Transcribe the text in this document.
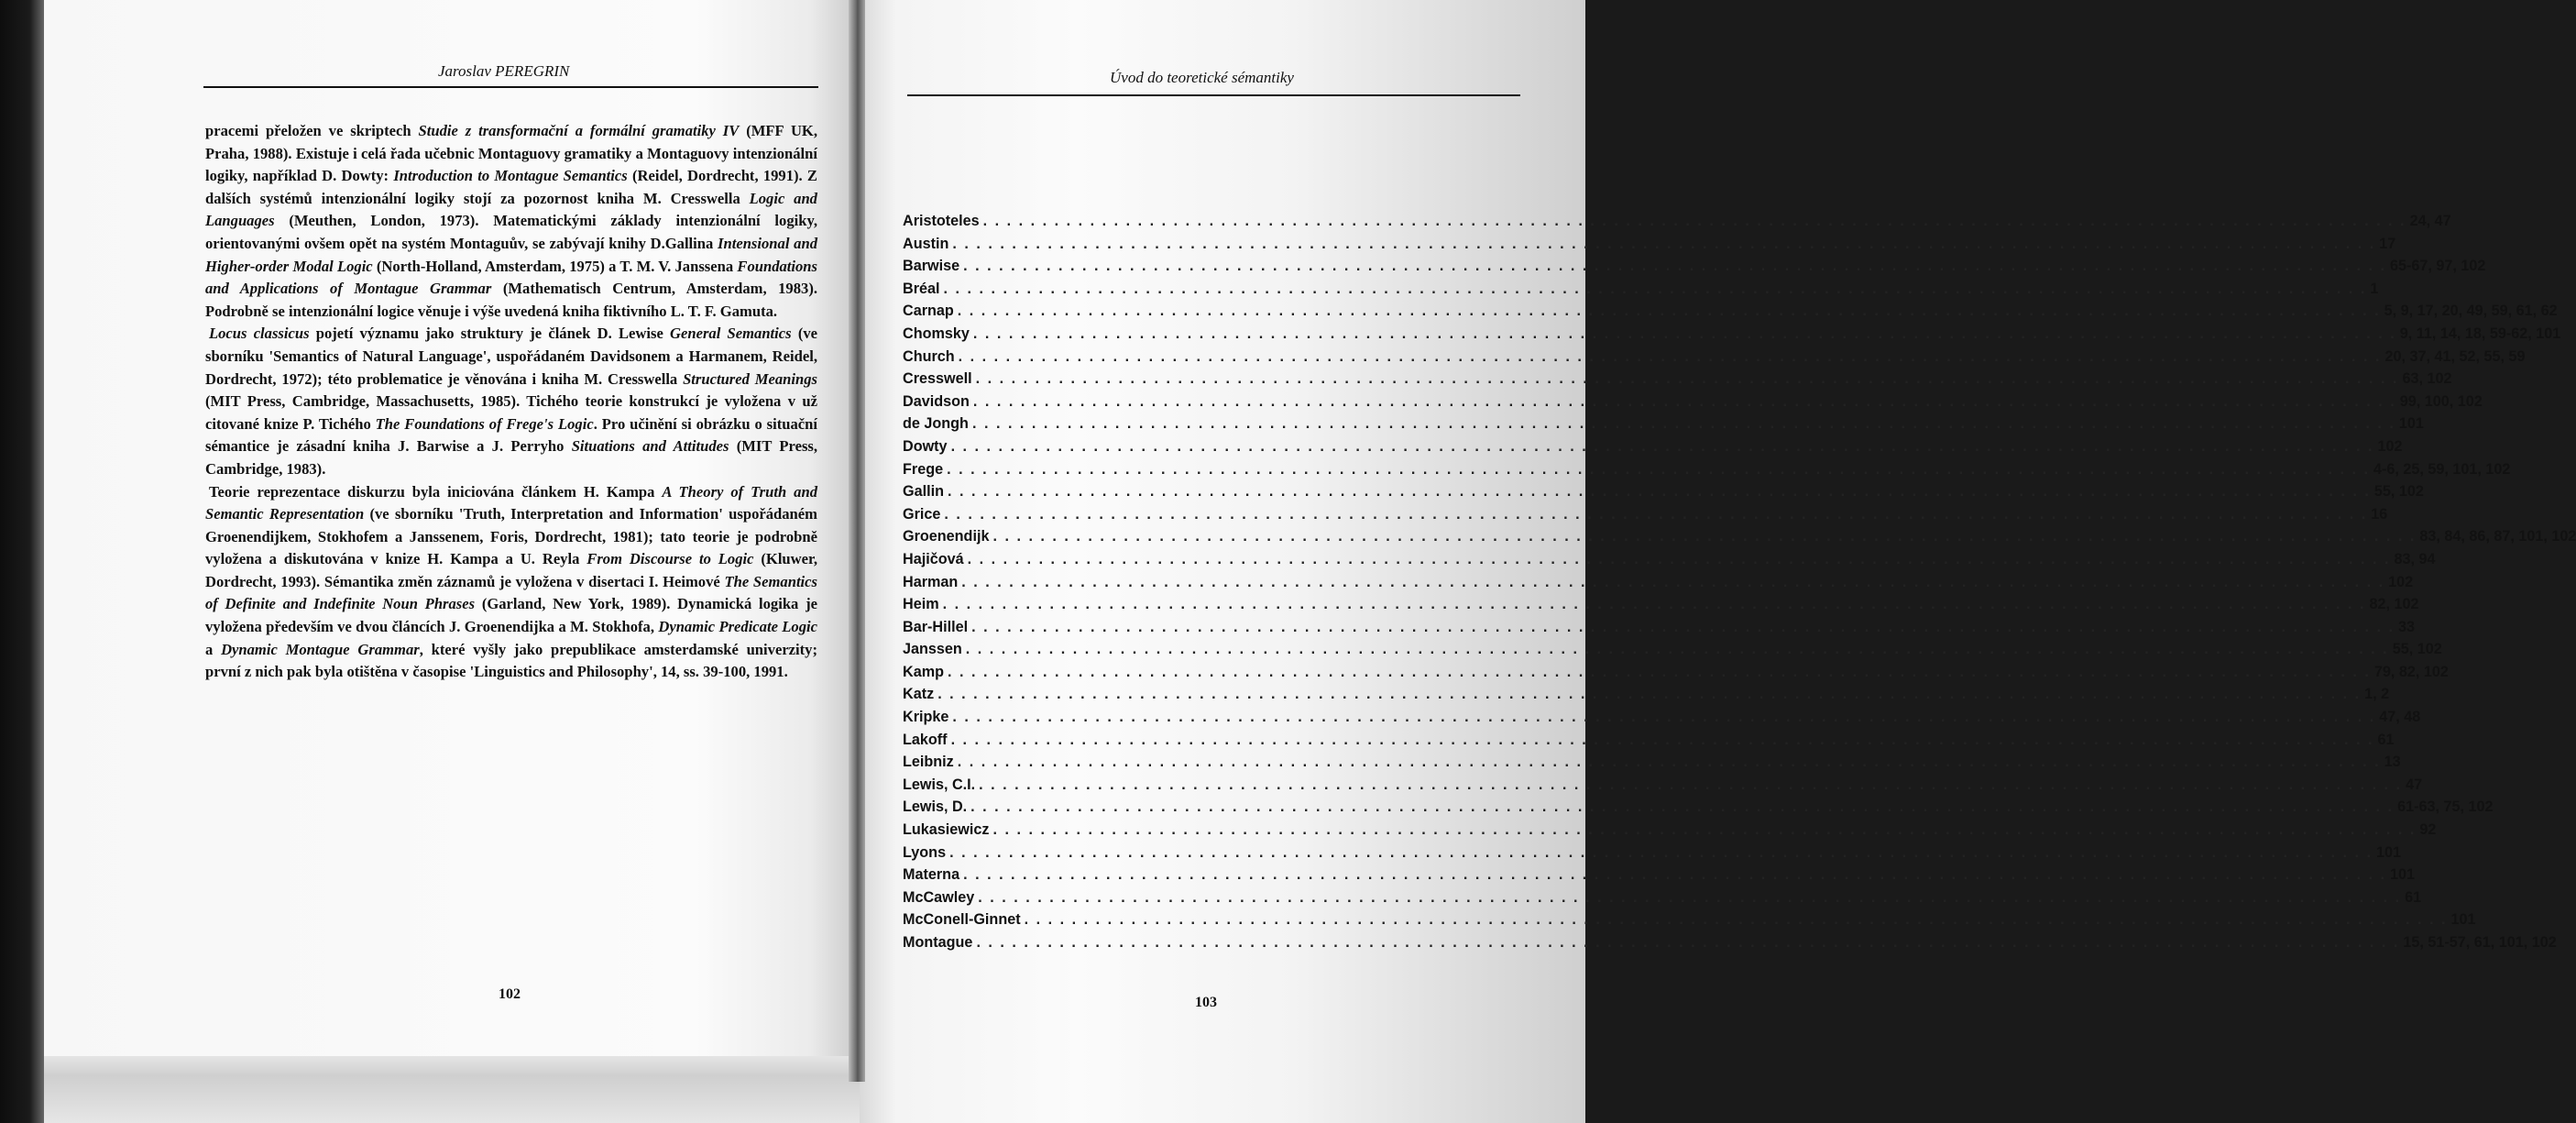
Jaroslav PEREGRIN

pracemi přeložen ve skriptech Studie z transformační a formální gramatiky IV (MFF UK, Praha, 1988). Existuje i celá řada učebnic Montaguovy gramatiky a Montaguovy intenzionální logiky, například D. Dowty: Introduction to Montague Semantics (Reidel, Dordrecht, 1991). Z dalších systémů intenzionální logiky stojí za pozornost kniha M. Cresswella Logic and Languages (Meuthen, London, 1973). Matematickými základy intenzionální logiky, orientovanými ovšem opět na systém Montaguův, se zabývají knihy D.Gallina Intensional and Higher-order Modal Logic (North-Holland, Amsterdam, 1975) a T. M. V. Janssena Foundations and Applications of Montague Grammar (Mathematisch Centrum, Amsterdam, 1983). Podrobně se intenzionální logice věnuje i výše uvedená kniha fiktivního L. T. F. Gamuta.

Locus classicus pojetí významu jako struktury je článek D. Lewise General Semantics (ve sborníku 'Semantics of Natural Language', uspořádaném Davidsonem a Harmanem, Reidel, Dordrecht, 1972); této problematice je věnována i kniha M. Cresswella Structured Meanings (MIT Press, Cambridge, Massachusetts, 1985). Tichého teorie konstrukcí je vyložena v už citované knize P. Tichého The Foundations of Frege's Logic. Pro učinění si obrázku o situační sémantice je zásadní kniha J. Barwise a J. Perryho Situations and Attitudes (MIT Press, Cambridge, 1983).

Teorie reprezentace diskurzu byla iniciována článkem H. Kampa A Theory of Truth and Semantic Representation (ve sborníku 'Truth, Interpretation and Information' uspořádaném Groenendijkem, Stokhofem a Janssenem, Foris, Dordrecht, 1981); tato teorie je podrobně vyložena a diskutována v knize H. Kampa a U. Reyla From Discourse to Logic (Kluwer, Dordrecht, 1993). Sémantika změn záznamů je vyložena v disertaci I. Heimové The Semantics of Definite and Indefinite Noun Phrases (Garland, New York, 1989). Dynamická logika je vyložena především ve dvou článcích J. Groenendijka a M. Stokhofa, Dynamic Predicate Logic a Dynamic Montague Grammar, které vyšly jako prepublikace amsterdamské univerzity; první z nich pak byla otištěna v časopise 'Linguistics and Philosophy', 14, ss. 39-100, 1991.

102
Úvod do teoretické sémantiky
Aristoteles . . . . . . . . . . . . . . . . . . . . . . . . . . . . . . . . . . . . . . . . . . . . . . . . . . . . . . . . . . . . . . . . . . . . . . . . . . . . . . . . . . . . . . . . . . . . . . . . . . . . . . . . . . . . . . . . . . . . . . . . 24, 47
Austin . . . . . . . . . . . . . . . . . . . . . . . . . . . . . . . . . . . . . . . . . . . . . . . . . . . . . . . . . . . . . . . . . . . . . . . . . . . . . . . . . . . . . . . . . . . . . . . . . . . . . . . . . . . . . . . . . . . . . . . . 17
Barwise . . . . . . . . . . . . . . . . . . . . . . . . . . . . . . . . . . . . . . . . . . . . . . . . . . . . . . . . . . . . . . . . . . . . . . . . . . . . . . . . . . . . . . . . . . . . . . . . . . . . . . . . . . . . . . . . . . . . . . . . 65-67, 97, 102
Bréal . . . . . . . . . . . . . . . . . . . . . . . . . . . . . . . . . . . . . . . . . . . . . . . . . . . . . . . . . . . . . . . . . . . . . . . . . . . . . . . . . . . . . . . . . . . . . . . . . . . . . . . . . . . . . . . . . . . . . . . . 1
Carnap . . . . . . . . . . . . . . . . . . . . . . . . . . . . . . . . . . . . . . . . . . . . . . . . . . . . . . . . . . . . . . . . . . . . . . . . . . . . . . . . . . . . . . . . . . . . . . . . . . . . . . . . . . . . . . . . . . . . . . . . 5, 9, 17, 20, 49, 59, 61, 62
Chomsky . . . . . . . . . . . . . . . . . . . . . . . . . . . . . . . . . . . . . . . . . . . . . . . . . . . . . . . . . . . . . . . . . . . . . . . . . . . . . . . . . . . . . . . . . . . . . . . . . . . . . . . . . . . . . . . . . . . . . . . . 9, 11, 14, 18, 59-62, 101
Church . . . . . . . . . . . . . . . . . . . . . . . . . . . . . . . . . . . . . . . . . . . . . . . . . . . . . . . . . . . . . . . . . . . . . . . . . . . . . . . . . . . . . . . . . . . . . . . . . . . . . . . . . . . . . . . . . . . . . . . . 20, 37, 41, 52, 55, 59
Cresswell . . . . . . . . . . . . . . . . . . . . . . . . . . . . . . . . . . . . . . . . . . . . . . . . . . . . . . . . . . . . . . . . . . . . . . . . . . . . . . . . . . . . . . . . . . . . . . . . . . . . . . . . . . . . . . . . . . . . . . . . 63, 102
Davidson . . . . . . . . . . . . . . . . . . . . . . . . . . . . . . . . . . . . . . . . . . . . . . . . . . . . . . . . . . . . . . . . . . . . . . . . . . . . . . . . . . . . . . . . . . . . . . . . . . . . . . . . . . . . . . . . . . . . . . . . 99, 100, 102
de Jongh . . . . . . . . . . . . . . . . . . . . . . . . . . . . . . . . . . . . . . . . . . . . . . . . . . . . . . . . . . . . . . . . . . . . . . . . . . . . . . . . . . . . . . . . . . . . . . . . . . . . . . . . . . . . . . . . . . . . . . . . 101
Dowty . . . . . . . . . . . . . . . . . . . . . . . . . . . . . . . . . . . . . . . . . . . . . . . . . . . . . . . . . . . . . . . . . . . . . . . . . . . . . . . . . . . . . . . . . . . . . . . . . . . . . . . . . . . . . . . . . . . . . . . . 102
Frege . . . . . . . . . . . . . . . . . . . . . . . . . . . . . . . . . . . . . . . . . . . . . . . . . . . . . . . . . . . . . . . . . . . . . . . . . . . . . . . . . . . . . . . . . . . . . . . . . . . . . . . . . . . . . . . . . . . . . . . . 4-6, 25, 59, 101, 102
Gallin . . . . . . . . . . . . . . . . . . . . . . . . . . . . . . . . . . . . . . . . . . . . . . . . . . . . . . . . . . . . . . . . . . . . . . . . . . . . . . . . . . . . . . . . . . . . . . . . . . . . . . . . . . . . . . . . . . . . . . . . 55, 102
Grice . . . . . . . . . . . . . . . . . . . . . . . . . . . . . . . . . . . . . . . . . . . . . . . . . . . . . . . . . . . . . . . . . . . . . . . . . . . . . . . . . . . . . . . . . . . . . . . . . . . . . . . . . . . . . . . . . . . . . . . . 16
Groenendijk . . . . . . . . . . . . . . . . . . . . . . . . . . . . . . . . . . . . . . . . . . . . . . . . . . . . . . . . . . . . . . . . . . . . . . . . . . . . . . . . . . . . . . . . . . . . . . . . . . . . . . . . . . . . . . . . . . . . . . . . 83, 84, 86, 87, 101, 102
Hajičová . . . . . . . . . . . . . . . . . . . . . . . . . . . . . . . . . . . . . . . . . . . . . . . . . . . . . . . . . . . . . . . . . . . . . . . . . . . . . . . . . . . . . . . . . . . . . . . . . . . . . . . . . . . . . . . . . . . . . . . . 83, 94
Harman . . . . . . . . . . . . . . . . . . . . . . . . . . . . . . . . . . . . . . . . . . . . . . . . . . . . . . . . . . . . . . . . . . . . . . . . . . . . . . . . . . . . . . . . . . . . . . . . . . . . . . . . . . . . . . . . . . . . . . . . 102
Heim . . . . . . . . . . . . . . . . . . . . . . . . . . . . . . . . . . . . . . . . . . . . . . . . . . . . . . . . . . . . . . . . . . . . . . . . . . . . . . . . . . . . . . . . . . . . . . . . . . . . . . . . . . . . . . . . . . . . . . . . 82, 102
Bar-Hillel . . . . . . . . . . . . . . . . . . . . . . . . . . . . . . . . . . . . . . . . . . . . . . . . . . . . . . . . . . . . . . . . . . . . . . . . . . . . . . . . . . . . . . . . . . . . . . . . . . . . . . . . . . . . . . . . . . . . . . . . 33
Janssen . . . . . . . . . . . . . . . . . . . . . . . . . . . . . . . . . . . . . . . . . . . . . . . . . . . . . . . . . . . . . . . . . . . . . . . . . . . . . . . . . . . . . . . . . . . . . . . . . . . . . . . . . . . . . . . . . . . . . . . . 55, 102
Kamp . . . . . . . . . . . . . . . . . . . . . . . . . . . . . . . . . . . . . . . . . . . . . . . . . . . . . . . . . . . . . . . . . . . . . . . . . . . . . . . . . . . . . . . . . . . . . . . . . . . . . . . . . . . . . . . . . . . . . . . . 79, 82, 102
Katz . . . . . . . . . . . . . . . . . . . . . . . . . . . . . . . . . . . . . . . . . . . . . . . . . . . . . . . . . . . . . . . . . . . . . . . . . . . . . . . . . . . . . . . . . . . . . . . . . . . . . . . . . . . . . . . . . . . . . . . . 1, 2
Kripke . . . . . . . . . . . . . . . . . . . . . . . . . . . . . . . . . . . . . . . . . . . . . . . . . . . . . . . . . . . . . . . . . . . . . . . . . . . . . . . . . . . . . . . . . . . . . . . . . . . . . . . . . . . . . . . . . . . . . . . . 47, 48
Lakoff . . . . . . . . . . . . . . . . . . . . . . . . . . . . . . . . . . . . . . . . . . . . . . . . . . . . . . . . . . . . . . . . . . . . . . . . . . . . . . . . . . . . . . . . . . . . . . . . . . . . . . . . . . . . . . . . . . . . . . . . 61
Leibniz . . . . . . . . . . . . . . . . . . . . . . . . . . . . . . . . . . . . . . . . . . . . . . . . . . . . . . . . . . . . . . . . . . . . . . . . . . . . . . . . . . . . . . . . . . . . . . . . . . . . . . . . . . . . . . . . . . . . . . . . 13
Lewis, C.I. . . . . . . . . . . . . . . . . . . . . . . . . . . . . . . . . . . . . . . . . . . . . . . . . . . . . . . . . . . . . . . . . . . . . . . . . . . . . . . . . . . . . . . . . . . . . . . . . . . . . . . . . . . . . . . . . . . . . . . . . 47
Lewis, D. . . . . . . . . . . . . . . . . . . . . . . . . . . . . . . . . . . . . . . . . . . . . . . . . . . . . . . . . . . . . . . . . . . . . . . . . . . . . . . . . . . . . . . . . . . . . . . . . . . . . . . . . . . . . . . . . . . . . . . . . 61-63, 75, 102
Lukasiewicz . . . . . . . . . . . . . . . . . . . . . . . . . . . . . . . . . . . . . . . . . . . . . . . . . . . . . . . . . . . . . . . . . . . . . . . . . . . . . . . . . . . . . . . . . . . . . . . . . . . . . . . . . . . . . . . . . . . . . . . . 92
Lyons . . . . . . . . . . . . . . . . . . . . . . . . . . . . . . . . . . . . . . . . . . . . . . . . . . . . . . . . . . . . . . . . . . . . . . . . . . . . . . . . . . . . . . . . . . . . . . . . . . . . . . . . . . . . . . . . . . . . . . . . 101
Materna . . . . . . . . . . . . . . . . . . . . . . . . . . . . . . . . . . . . . . . . . . . . . . . . . . . . . . . . . . . . . . . . . . . . . . . . . . . . . . . . . . . . . . . . . . . . . . . . . . . . . . . . . . . . . . . . . . . . . . . . 101
McCawley . . . . . . . . . . . . . . . . . . . . . . . . . . . . . . . . . . . . . . . . . . . . . . . . . . . . . . . . . . . . . . . . . . . . . . . . . . . . . . . . . . . . . . . . . . . . . . . . . . . . . . . . . . . . . . . . . . . . . . . . 61
McConell-Ginnet . . . . . . . . . . . . . . . . . . . . . . . . . . . . . . . . . . . . . . . . . . . . . . . . . . . . . . . . . . . . . . . . . . . . . . . . . . . . . . . . . . . . . . . . . . . . . . . . . . . . . . . . . . . . . . . . . . . . . . . . 101
Montague . . . . . . . . . . . . . . . . . . . . . . . . . . . . . . . . . . . . . . . . . . . . . . . . . . . . . . . . . . . . . . . . . . . . . . . . . . . . . . . . . . . . . . . . . . . . . . . . . . . . . . . . . . . . . . . . . . . . . . . . 15, 51-57, 61, 101, 102
103
